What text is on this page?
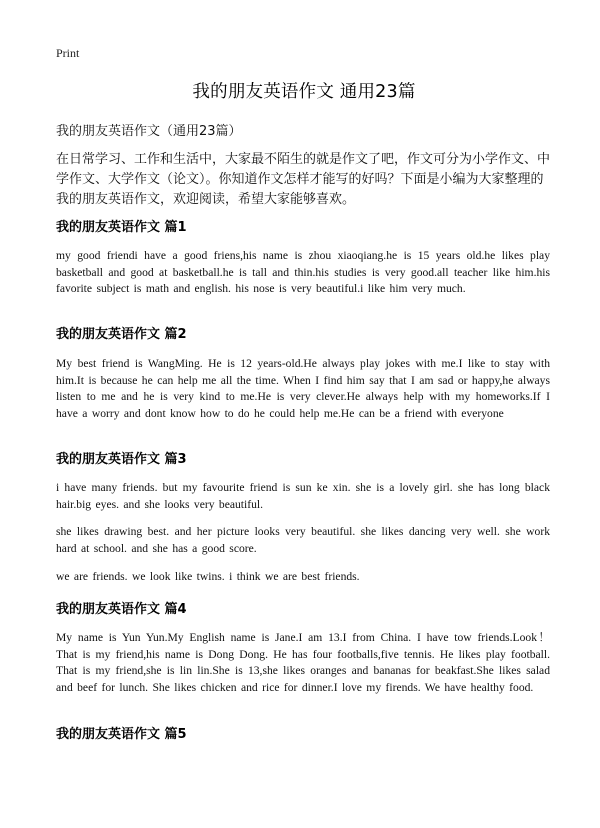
Print
我的朋友英语作文 通用23篇
我的朋友英语作文（通用23篇）

在日常学习、工作和生活中，大家最不陌生的就是作文了吧，作文可分为小学作文、中学作文、大学作文（论文）。你知道作文怎样才能写的好吗？下面是小编为大家整理的我的朋友英语作文，欢迎阅读，希望大家能够喜欢。

我的朋友英语作文 篇1

my good friendi have a good friens,his name is zhou xiaoqiang.he is 15 years old.he likes play basketball and good at basketball.he is tall and thin.his studies is very good.all teacher like him.his favorite subject is math and english. his nose is very beautiful.i like him very much.

我的朋友英语作文 篇2

My best friend is WangMing. He is 12 years-old.He always play jokes with me.I like to stay with him.It is because he can help me all the time. When I find him say that I am sad or happy,he always listen to me and he is very kind to me.He is very clever.He always help with my homeworks.If I have a worry and dont know how to do he could help me.He can be a friend with everyone

我的朋友英语作文 篇3

i have many friends. but my favourite friend is sun ke xin. she is a lovely girl. she has long black hair.big eyes. and she looks very beautiful.

she likes drawing best. and her picture looks very beautiful. she likes dancing very well. she work hard at school. and she has a good score.

we are friends. we look like twins. i think we are best friends.

我的朋友英语作文 篇4

My name is Yun Yun.My English name is Jane.I am 13.I from China. I have tow friends.Look！ That is my friend,his name is Dong Dong. He has four footballs,five tennis. He likes play football. That is my friend,she is lin lin.She is 13,she likes oranges and bananas for beakfast.She likes salad and beef for lunch. She likes chicken and rice for dinner.I love my firends. We have healthy food.

我的朋友英语作文 篇5
